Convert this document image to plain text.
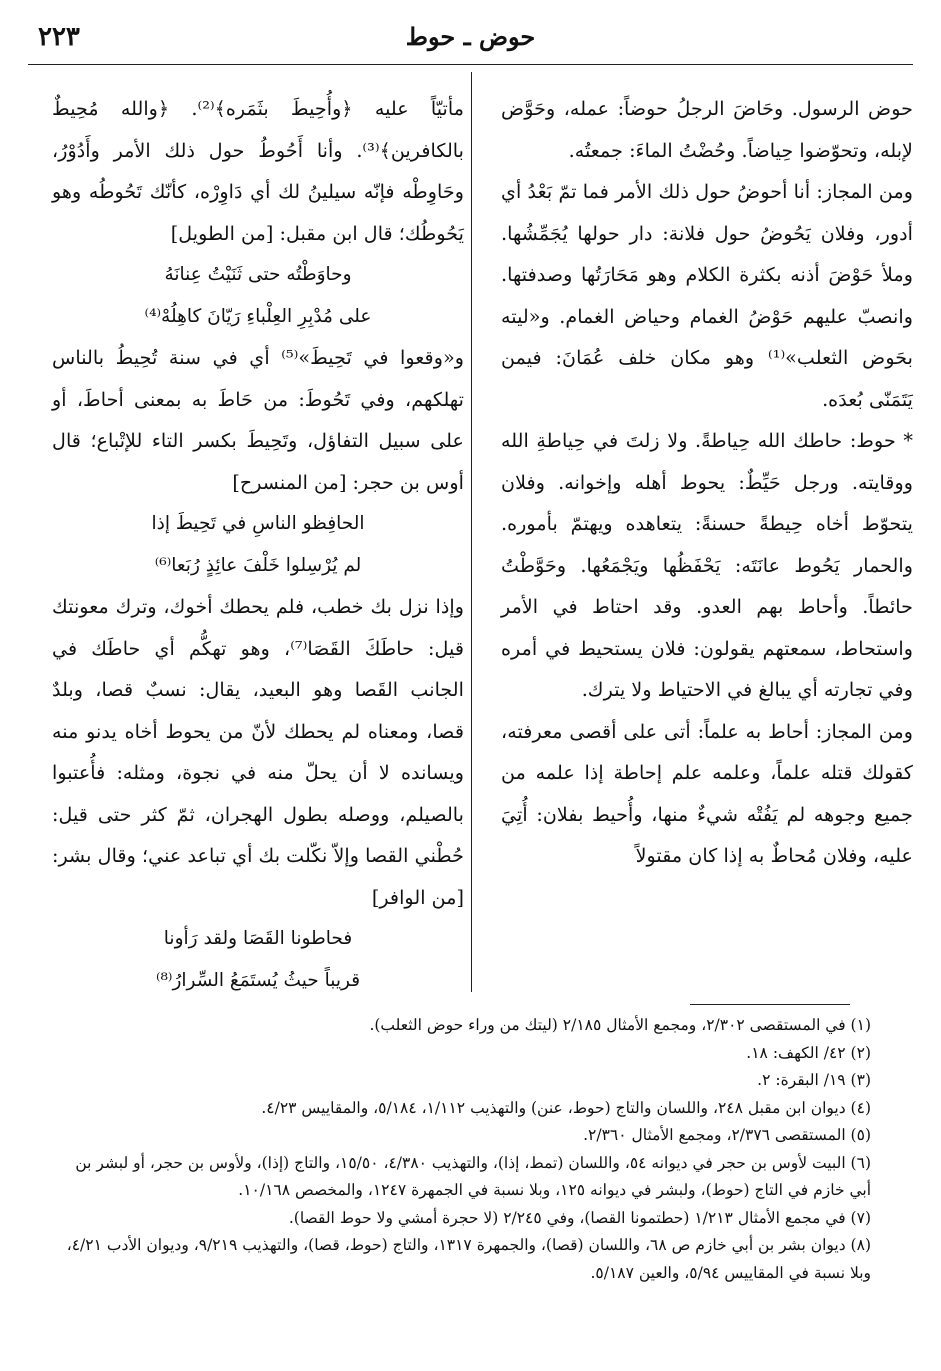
٢٢٣	حوض ـ حوط

حوض الرسول. وحَاضَ الرجلُ حوضاً: عمله، وحَوَّض لإبله، وتحوّضوا حِياضاً. وحُضْتُ الماءَ: جمعتُه.

ومن المجاز: أنا أحوضُ حول ذلك الأمر فما تمّ بَعْدُ أي أدور، وفلان يَحُوضُ حول فلانة: دار حولها يُجَمِّشُها. وملأ حَوْضَ أذنه بكثرة الكلام وهو مَحَارَتُها وصدفتها. وانصبّ عليهم حَوْضُ الغمام وحياض الغمام. و«ليته بحَوض الثعلب»⁽¹⁾ وهو مكان خلف عُمَانَ: فيمن يَتَمَنّى بُعدَه.

* حوط: حاطك الله حِياطةً. ولا زلتَ في حِياطةِ الله ووقايته. ورجل حَيِّطٌ: يحوط أهله وإخوانه. وفلان يتحوّط أخاه حِيطةً حسنةً: يتعاهده ويهتمّ بأموره. والحمار يَحُوط عانَتَه: يَحْفَظُها ويَجْمَعُها. وحَوَّطْتُ حائطاً. وأحاط بهم العدو. وقد احتاط في الأمر واستحاط، سمعتهم يقولون: فلان يستحيط في أمره وفي تجارته أي يبالغ في الاحتياط ولا يترك.

ومن المجاز: أحاط به علماً: أتى على أقصى معرفته، كقولك قتله علماً، وعلمه علم إحاطة إذا علمه من جميع وجوهه لم يَفُتْه شيءٌ منها، وأُحيط بفلان: أُتِيَ عليه، وفلان مُحاطٌ به إذا كان مقتولاً

مأتيّاً عليه ﴿وأُحِيطَ بثَمَره﴾⁽²⁾. ﴿والله مُحِيطٌ بالكافرين﴾⁽³⁾. وأنا أَحُوطُ حول ذلك الأمر وأَدُوْرُ، وحَاوِطْه فإنّه سيلينُ لك أي دَاوِرْه، كأنّك تَحُوطُه وهو يَحُوطُك؛ قال ابن مقبل: [من الطويل]

وحاوَطْتُه حتى ثَنَيْتُ عِنانَهُ
على مُدْبِرِ العِلْباءِ رَيّانَ كاهِلُهْ⁽⁴⁾

و«وقعوا في تَحِيطَ»⁽⁵⁾ أي في سنة تُحِيطُ بالناس تهلكهم، وفي تَحُوطَ: من حَاطَ به بمعنى أحاطَ، أو على سبيل التفاؤل، وتَحِيطَ بكسر التاء للإتْباع؛ قال أوس بن حجر: [من المنسرح]

الحافِظو الناسِ في تَحِيطَ إذا
لم يُرْسِلوا خَلْفَ عائِذٍ رُبَعا⁽⁶⁾

وإذا نزل بك خطب، فلم يحطك أخوك، وترك معونتك قيل: حاطَكَ القَصَا⁽⁷⁾، وهو تهكُّم أي حاطَك في الجانب القَصا وهو البعيد، يقال: نسبٌ قصا، وبلدٌ قصا، ومعناه لم يحطك لأنّ من يحوط أخاه يدنو منه ويسانده لا أن يحلّ منه في نجوة، ومثله: فأُعتبوا بالصيلم، ووصله بطول الهجران، ثمّ كثر حتى قيل: حُطْني القصا وإلاّ نكّلت بك أي تباعد عني؛ وقال بشر: [من الوافر]

فحاطونا القَصَا ولقد رَأونا
قريباً حيثُ يُستَمَعُ السِّرارُ⁽⁸⁾

(١) في المستقصى ٢/٣٠٢، ومجمع الأمثال ٢/١٨٥ (ليتك من وراء حوض الثعلب).

(٢) ٤٢/ الكهف: ١٨.

(٣) ١٩/ البقرة: ٢.

(٤) ديوان ابن مقبل ٢٤٨، واللسان والتاج (حوط، عنن) والتهذيب ١/١١٢، ٥/١٨٤، والمقاييس ٤/٢٣.

(٥) المستقصى ٢/٣٧٦، ومجمع الأمثال ٢/٣٦٠.

(٦) البيت لأوس بن حجر في ديوانه ٥٤، واللسان (تمط، إذا)، والتهذيب ٤/٣٨٠، ١٥/٥٠، والتاج (إذا)، ولأوس بن حجر، أو لبشر بن أبي خازم في التاج (حوط)، ولبشر في ديوانه ١٢٥، وبلا نسبة في الجمهرة ١٢٤٧، والمخصص ١٠/١٦٨.

(٧) في مجمع الأمثال ١/٢١٣ (حطتمونا القصا)، وفي ٢/٢٤٥ (لا حجرة أمشي ولا حوط القصا).

(٨) ديوان بشر بن أبي خازم ص ٦٨، واللسان (قصا)، والجمهرة ١٣١٧، والتاج (حوط، قصا)، والتهذيب ٩/٢١٩، وديوان الأدب ٤/٢١، وبلا نسبة في المقاييس ٥/٩٤، والعين ٥/١٨٧.
